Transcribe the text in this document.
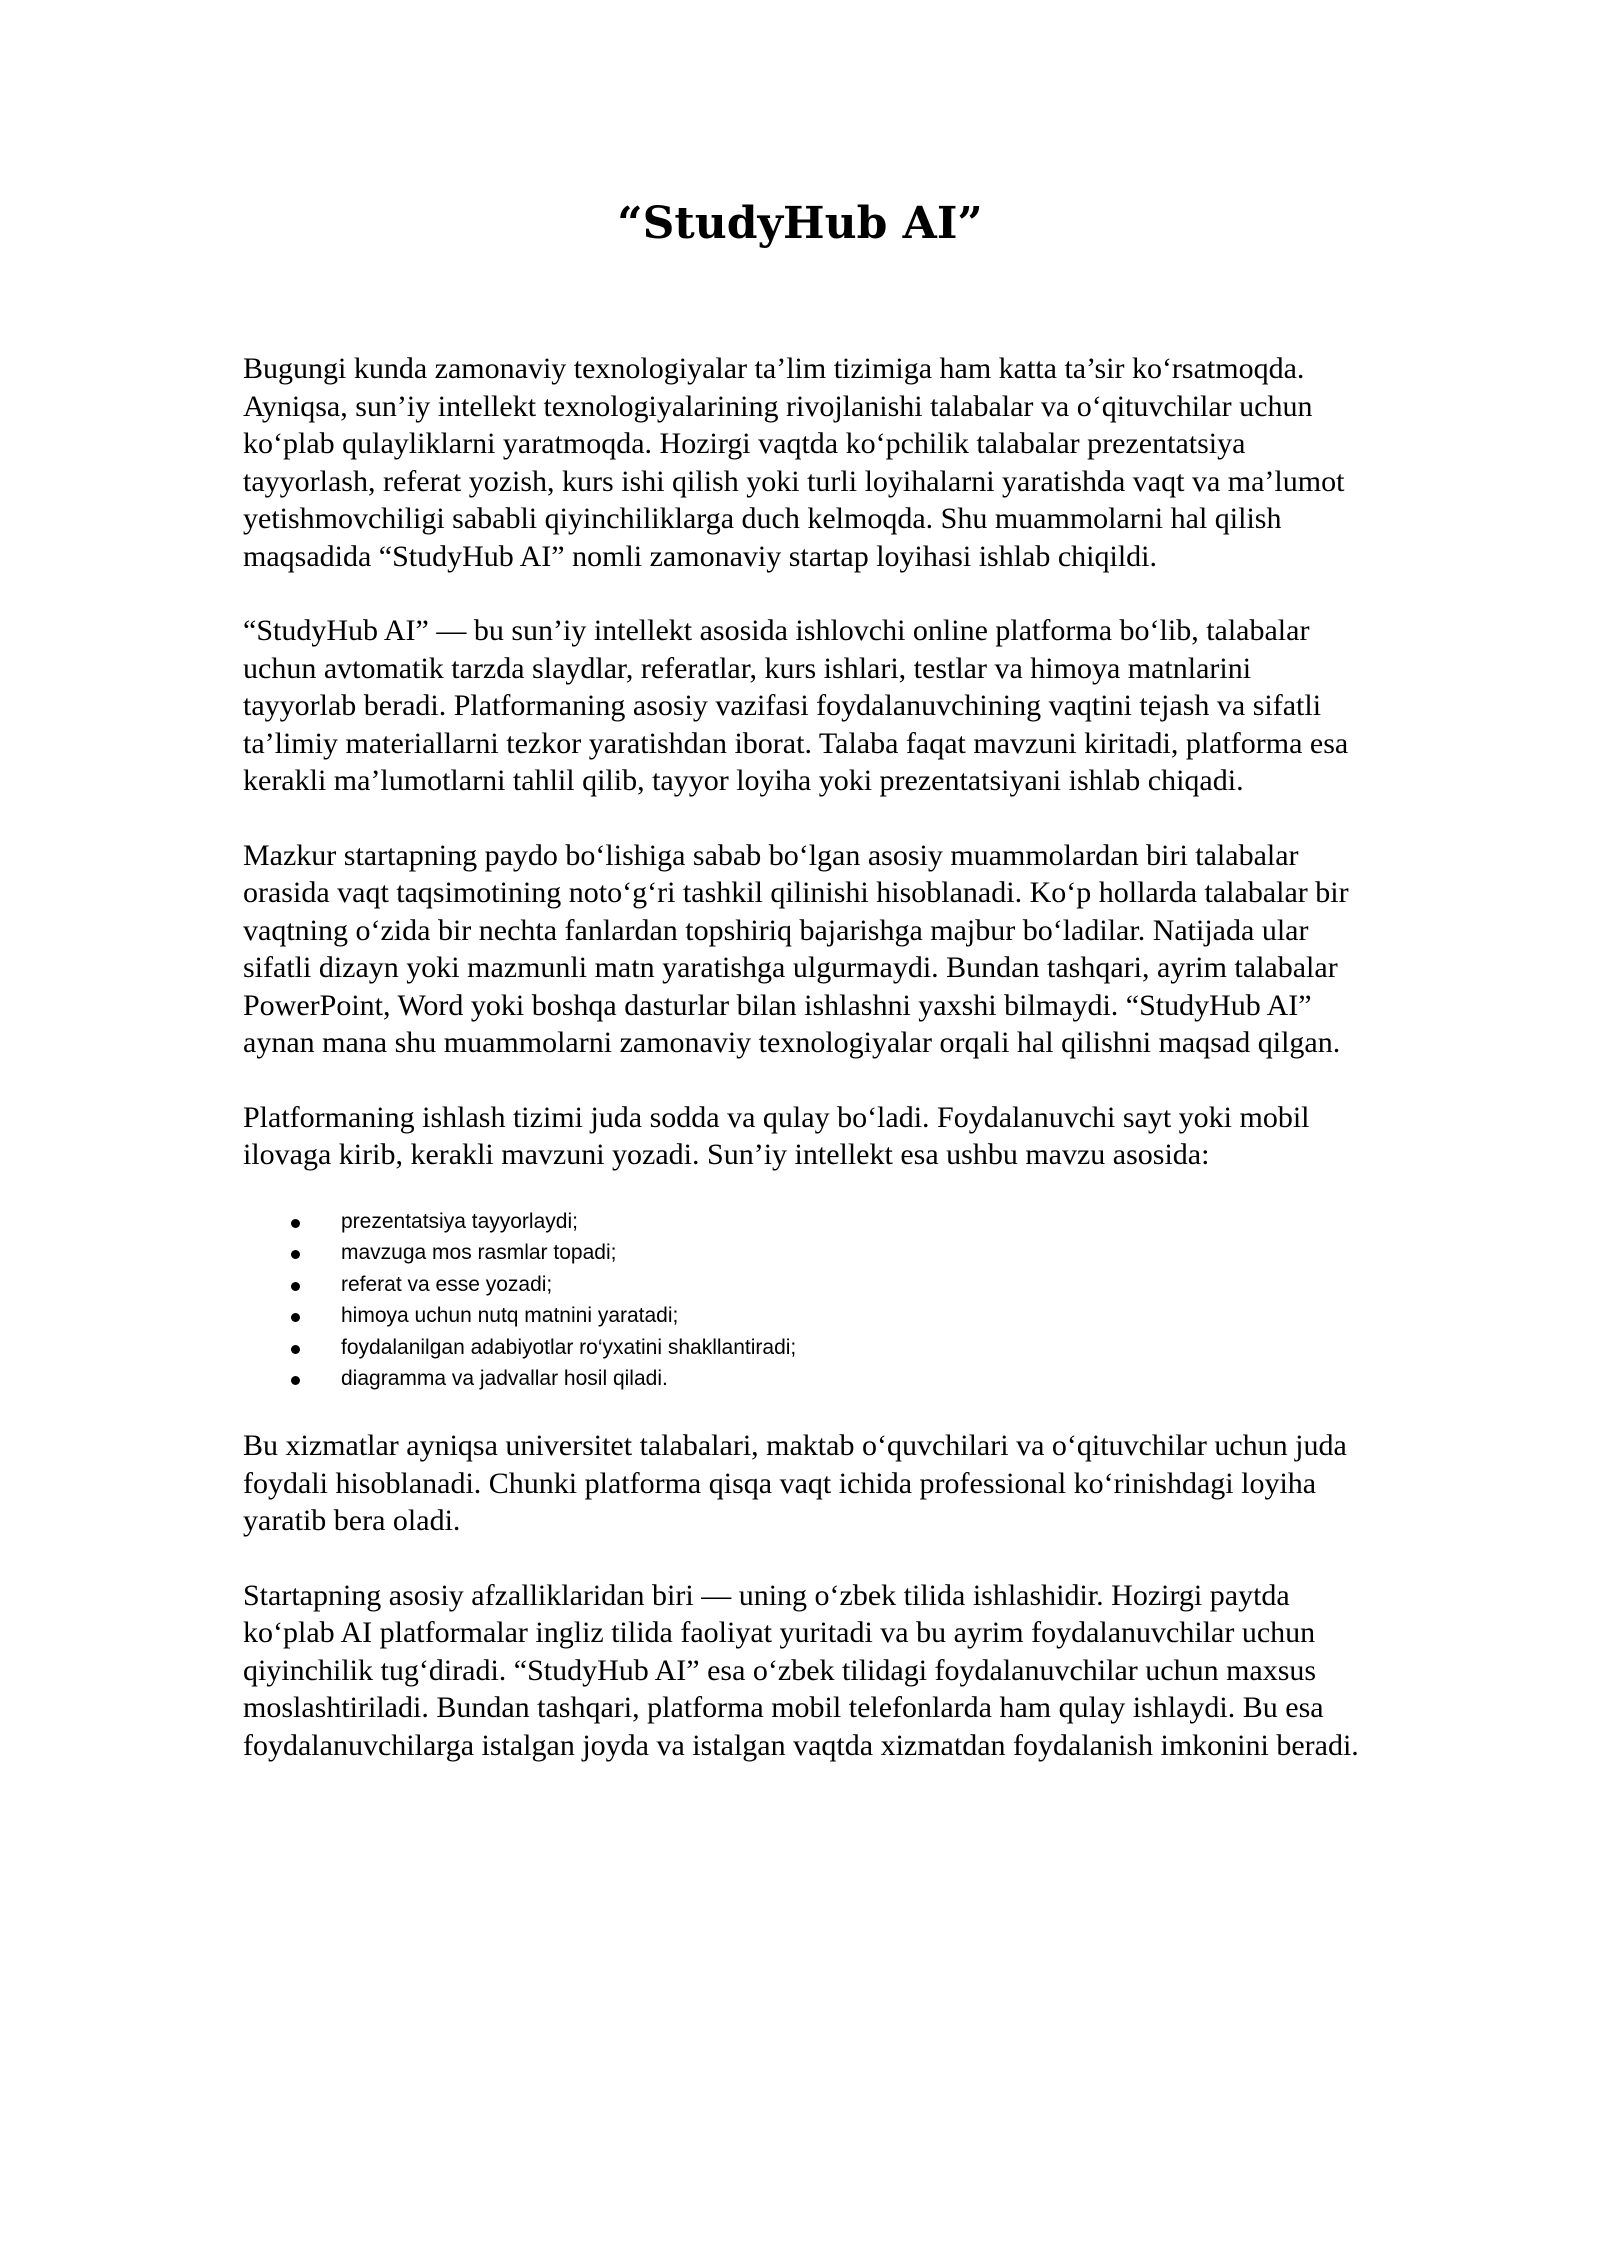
“StudyHub AI”

Bugungi kunda zamonaviy texnologiyalar ta’lim tizimiga ham katta ta’sir ko‘rsatmoqda. Ayniqsa, sun’iy intellekt texnologiyalarining rivojlanishi talabalar va o‘qituvchilar uchun ko‘plab qulayliklarni yaratmoqda. Hozirgi vaqtda ko‘pchilik talabalar prezentatsiya tayyorlash, referat yozish, kurs ishi qilish yoki turli loyihalarni yaratishda vaqt va ma’lumot yetishmovchiligi sababli qiyinchiliklarga duch kelmoqda. Shu muammolarni hal qilish maqsadida “StudyHub AI” nomli zamonaviy startap loyihasi ishlab chiqildi.

“StudyHub AI” — bu sun’iy intellekt asosida ishlovchi online platforma bo‘lib, talabalar uchun avtomatik tarzda slaydlar, referatlar, kurs ishlari, testlar va himoya matnlarini tayyorlab beradi. Platformaning asosiy vazifasi foydalanuvchining vaqtini tejash va sifatli ta’limiy materiallarni tezkor yaratishdan iborat. Talaba faqat mavzuni kiritadi, platforma esa kerakli ma’lumotlarni tahlil qilib, tayyor loyiha yoki prezentatsiyani ishlab chiqadi.

Mazkur startapning paydo bo‘lishiga sabab bo‘lgan asosiy muammolardan biri talabalar orasida vaqt taqsimotining noto‘g‘ri tashkil qilinishi hisoblanadi. Ko‘p hollarda talabalar bir vaqtning o‘zida bir nechta fanlardan topshiriq bajarishga majbur bo‘ladilar. Natijada ular sifatli dizayn yoki mazmunli matn yaratishga ulgurmaydi. Bundan tashqari, ayrim talabalar PowerPoint, Word yoki boshqa dasturlar bilan ishlashni yaxshi bilmaydi. “StudyHub AI” aynan mana shu muammolarni zamonaviy texnologiyalar orqali hal qilishni maqsad qilgan.

Platformaning ishlash tizimi juda sodda va qulay bo‘ladi. Foydalanuvchi sayt yoki mobil ilovaga kirib, kerakli mavzuni yozadi. Sun’iy intellekt esa ushbu mavzu asosida:

prezentatsiya tayyorlaydi;
mavzuga mos rasmlar topadi;
referat va esse yozadi;
himoya uchun nutq matnini yaratadi;
foydalanilgan adabiyotlar ro‘yxatini shakllantiradi;
diagramma va jadvallar hosil qiladi.

Bu xizmatlar ayniqsa universitet talabalari, maktab o‘quvchilari va o‘qituvchilar uchun juda foydali hisoblanadi. Chunki platforma qisqa vaqt ichida professional ko‘rinishdagi loyiha yaratib bera oladi.

Startapning asosiy afzalliklaridan biri — uning o‘zbek tilida ishlashidir. Hozirgi paytda ko‘plab AI platformalar ingliz tilida faoliyat yuritadi va bu ayrim foydalanuvchilar uchun qiyinchilik tug‘diradi. “StudyHub AI” esa o‘zbek tilidagi foydalanuvchilar uchun maxsus moslashtiriladi. Bundan tashqari, platforma mobil telefonlarda ham qulay ishlaydi. Bu esa foydalanuvchilarga istalgan joyda va istalgan vaqtda xizmatdan foydalanish imkonini beradi.
